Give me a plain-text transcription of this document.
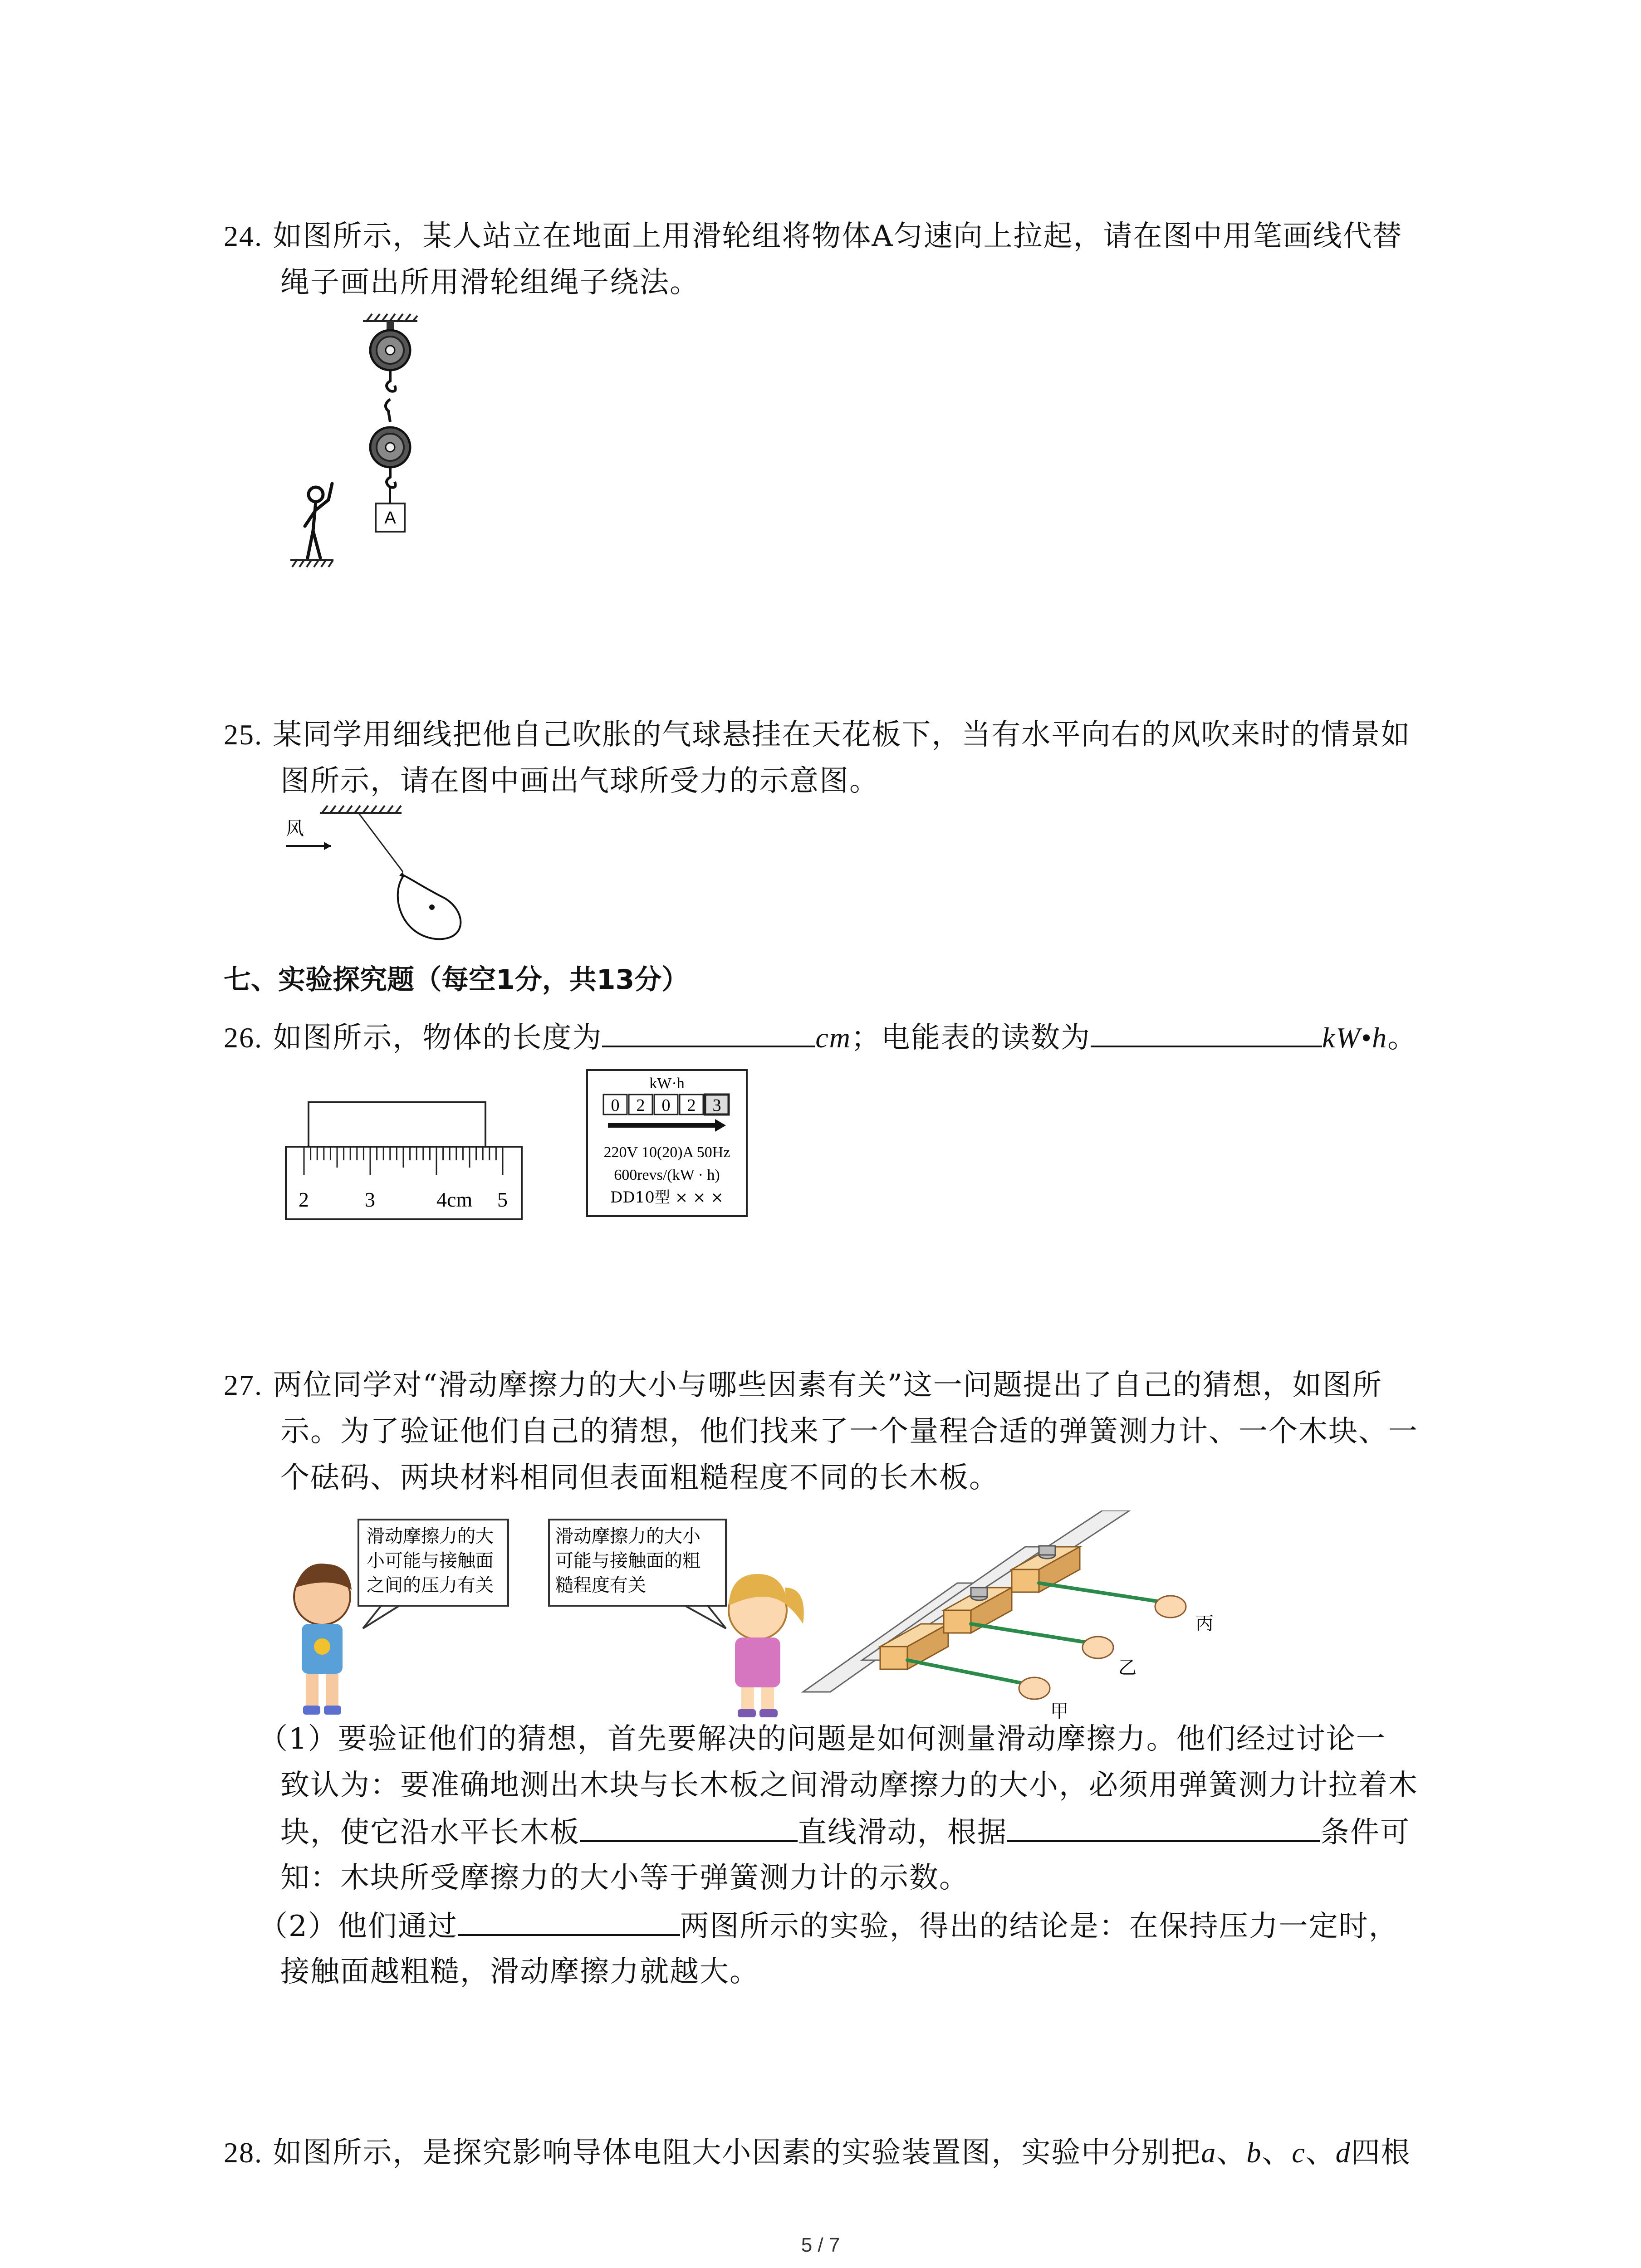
24. 如图所示，某人站立在地面上用滑轮组将物体A匀速向上拉起，请在图中用笔画线代替
绳子画出所用滑轮组绳子绕法。
A
25. 某同学用细线把他自己吹胀的气球悬挂在天花板下，当有水平向右的风吹来时的情景如
图所示，请在图中画出气球所受力的示意图。
风
七、实验探究题（每空1分，共13分）
26. 如图所示，物体的长度为	cm；电能表的读数为	kW•h。
2	3	4cm 5
kW·h
0 2 0 2 3
220V 10(20)A 50Hz
600revs/(kW · h)
DD10型 × × ×
27. 两位同学对“滑动摩擦力的大小与哪些因素有关”这一问题提出了自己的猜想，如图所
示。为了验证他们自己的猜想，他们找来了一个量程合适的弹簧测力计、一个木块、一
个砝码、两块材料相同但表面粗糙程度不同的长木板。
滑动摩擦力的大
小可能与接触面
之间的压力有关
滑动摩擦力的大小
可能与接触面的粗
糙程度有关
甲
乙
丙
（1）要验证他们的猜想，首先要解决的问题是如何测量滑动摩擦力。他们经过讨论一
致认为：要准确地测出木块与长木板之间滑动摩擦力的大小，必须用弹簧测力计拉着木
块，使它沿水平长木板	直线滑动，根据	条件可
知：木块所受摩擦力的大小等于弹簧测力计的示数。
（2）他们通过	两图所示的实验，得出的结论是：在保持压力一定时，
接触面越粗糙，滑动摩擦力就越大。
28. 如图所示，是探究影响导体电阻大小因素的实验装置图，实验中分别把a、b、c、d四根
5 / 7
